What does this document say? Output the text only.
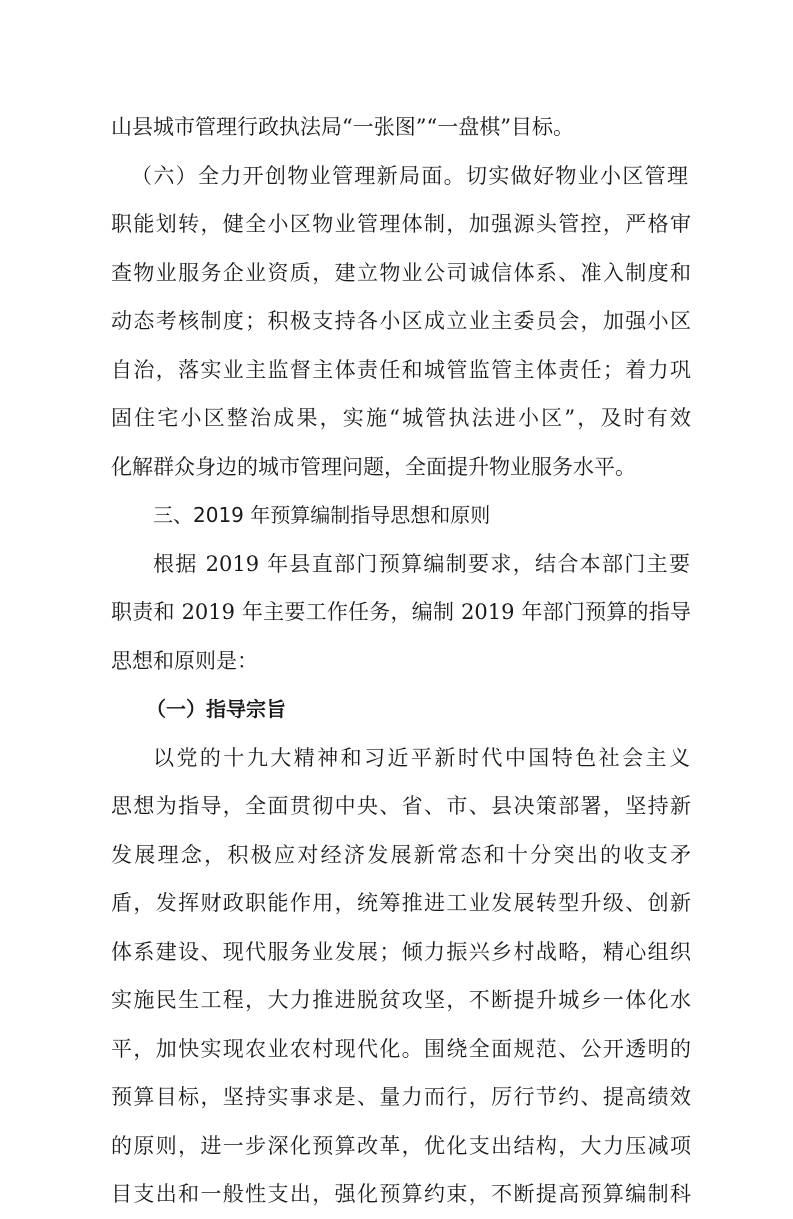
山县城市管理行政执法局“一张图”“一盘棋”目标。
（六）全力开创物业管理新局面。切实做好物业小区管理
职能划转，健全小区物业管理体制，加强源头管控，严格审
查物业服务企业资质，建立物业公司诚信体系、准入制度和
动态考核制度；积极支持各小区成立业主委员会，加强小区
自治，落实业主监督主体责任和城管监管主体责任；着力巩
固住宅小区整治成果，实施“城管执法进小区”，及时有效
化解群众身边的城市管理问题，全面提升物业服务水平。
三、2019 年预算编制指导思想和原则
根据 2019 年县直部门预算编制要求，结合本部门主要
职责和 2019 年主要工作任务，编制 2019 年部门预算的指导
思想和原则是：
（一）指导宗旨
以党的十九大精神和习近平新时代中国特色社会主义
思想为指导，全面贯彻中央、省、市、县决策部署，坚持新
发展理念，积极应对经济发展新常态和十分突出的收支矛
盾，发挥财政职能作用，统筹推进工业发展转型升级、创新
体系建设、现代服务业发展；倾力振兴乡村战略，精心组织
实施民生工程，大力推进脱贫攻坚，不断提升城乡一体化水
平，加快实现农业农村现代化。围绕全面规范、公开透明的
预算目标，坚持实事求是、量力而行，厉行节约、提高绩效
的原则，进一步深化预算改革，优化支出结构，大力压减项
目支出和一般性支出，强化预算约束，不断提高预算编制科
